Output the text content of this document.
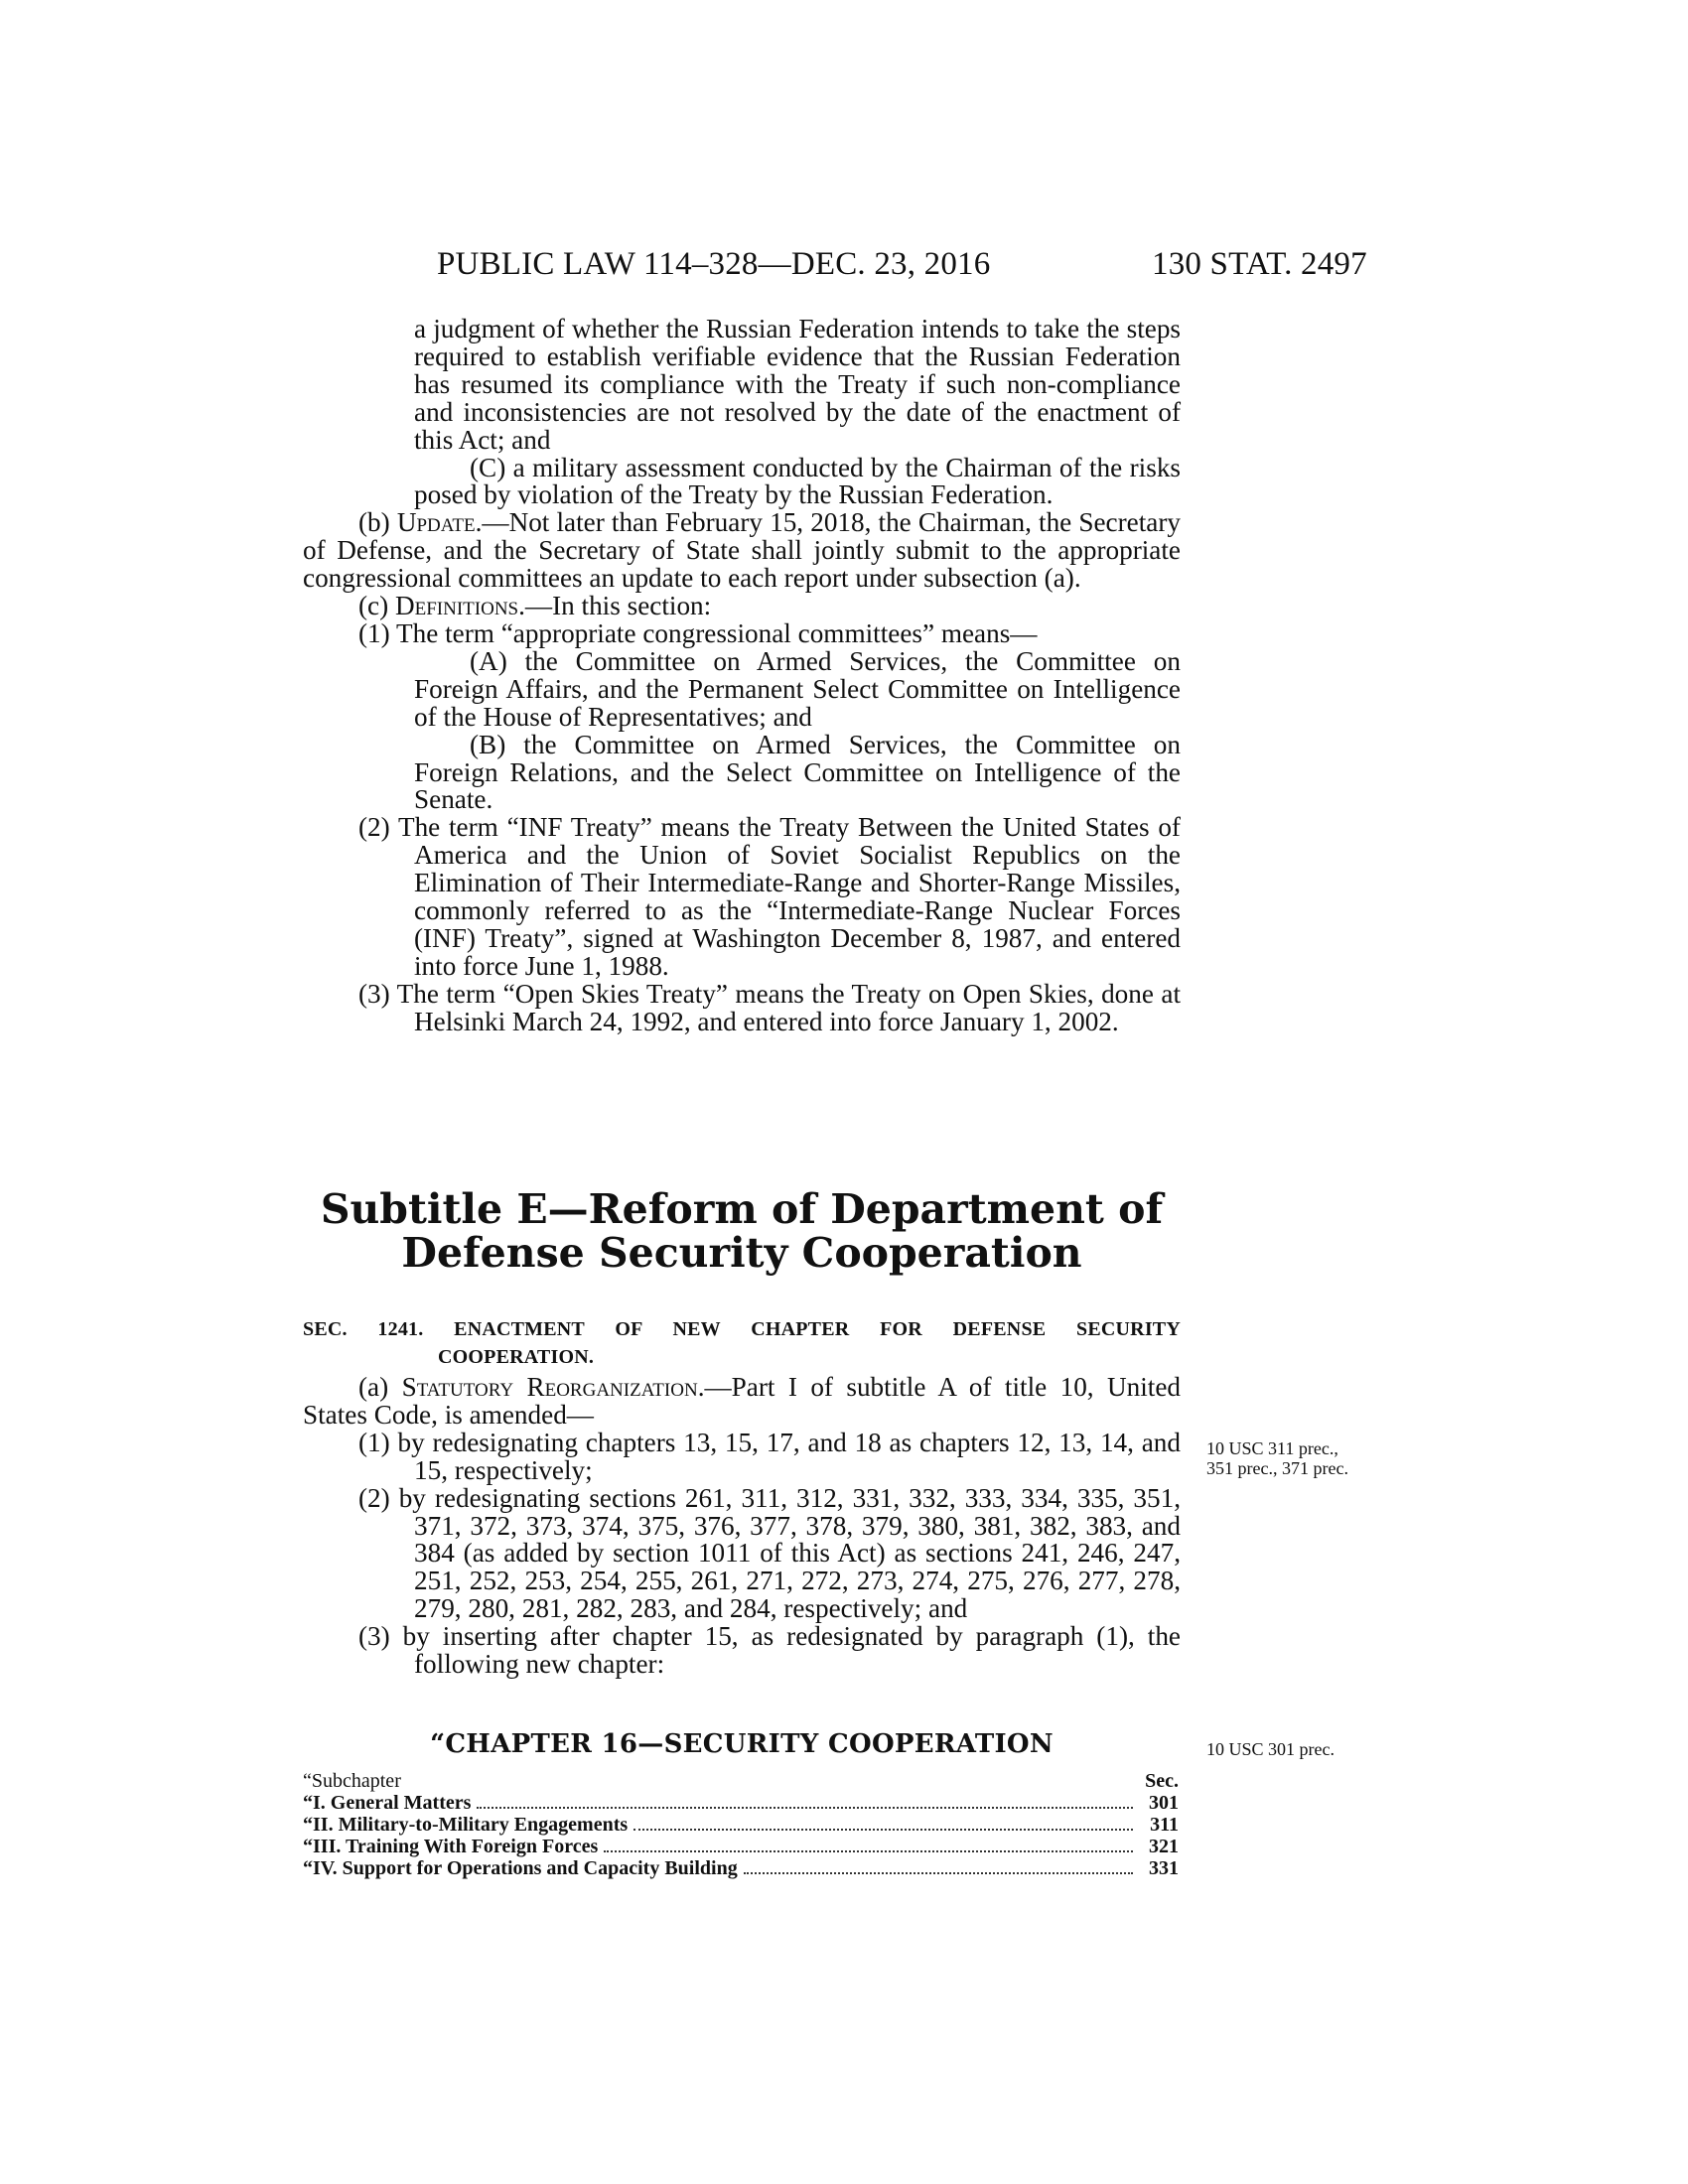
PUBLIC LAW 114–328—DEC. 23, 2016	130 STAT. 2497

a judgment of whether the Russian Federation intends to take the steps required to establish verifiable evidence that the Russian Federation has resumed its compliance with the Treaty if such non-compliance and inconsistencies are not resolved by the date of the enactment of this Act; and

(C) a military assessment conducted by the Chairman of the risks posed by violation of the Treaty by the Russian Federation.

(b) Update.—Not later than February 15, 2018, the Chairman, the Secretary of Defense, and the Secretary of State shall jointly submit to the appropriate congressional committees an update to each report under subsection (a).

(c) Definitions.—In this section:

(1) The term “appropriate congressional committees” means—

(A) the Committee on Armed Services, the Committee on Foreign Affairs, and the Permanent Select Committee on Intelligence of the House of Representatives; and

(B) the Committee on Armed Services, the Committee on Foreign Relations, and the Select Committee on Intelligence of the Senate.

(2) The term “INF Treaty” means the Treaty Between the United States of America and the Union of Soviet Socialist Republics on the Elimination of Their Intermediate-Range and Shorter-Range Missiles, commonly referred to as the “Intermediate-Range Nuclear Forces (INF) Treaty”, signed at Washington December 8, 1987, and entered into force June 1, 1988.

(3) The term “Open Skies Treaty” means the Treaty on Open Skies, done at Helsinki March 24, 1992, and entered into force January 1, 2002.

Subtitle E—Reform of Department of
Defense Security Cooperation
SEC. 1241. ENACTMENT OF NEW CHAPTER FOR DEFENSE SECURITY
COOPERATION.

(a) Statutory Reorganization.—Part I of subtitle A of title 10, United States Code, is amended—

(1) by redesignating chapters 13, 15, 17, and 18 as chapters 12, 13, 14, and 15, respectively;

(2) by redesignating sections 261, 311, 312, 331, 332, 333, 334, 335, 351, 371, 372, 373, 374, 375, 376, 377, 378, 379, 380, 381, 382, 383, and 384 (as added by section 1011 of this Act) as sections 241, 246, 247, 251, 252, 253, 254, 255, 261, 271, 272, 273, 274, 275, 276, 277, 278, 279, 280, 281, 282, 283, and 284, respectively; and

(3) by inserting after chapter 15, as redesignated by paragraph (1), the following new chapter:

10 USC 311 prec., 351 prec., 371 prec.
10 USC 301 prec.
“CHAPTER 16—SECURITY COOPERATION
“Subchapter	Sec.
“I. General Matters	301
“II. Military-to-Military Engagements	311
“III. Training With Foreign Forces	321
“IV. Support for Operations and Capacity Building	331
